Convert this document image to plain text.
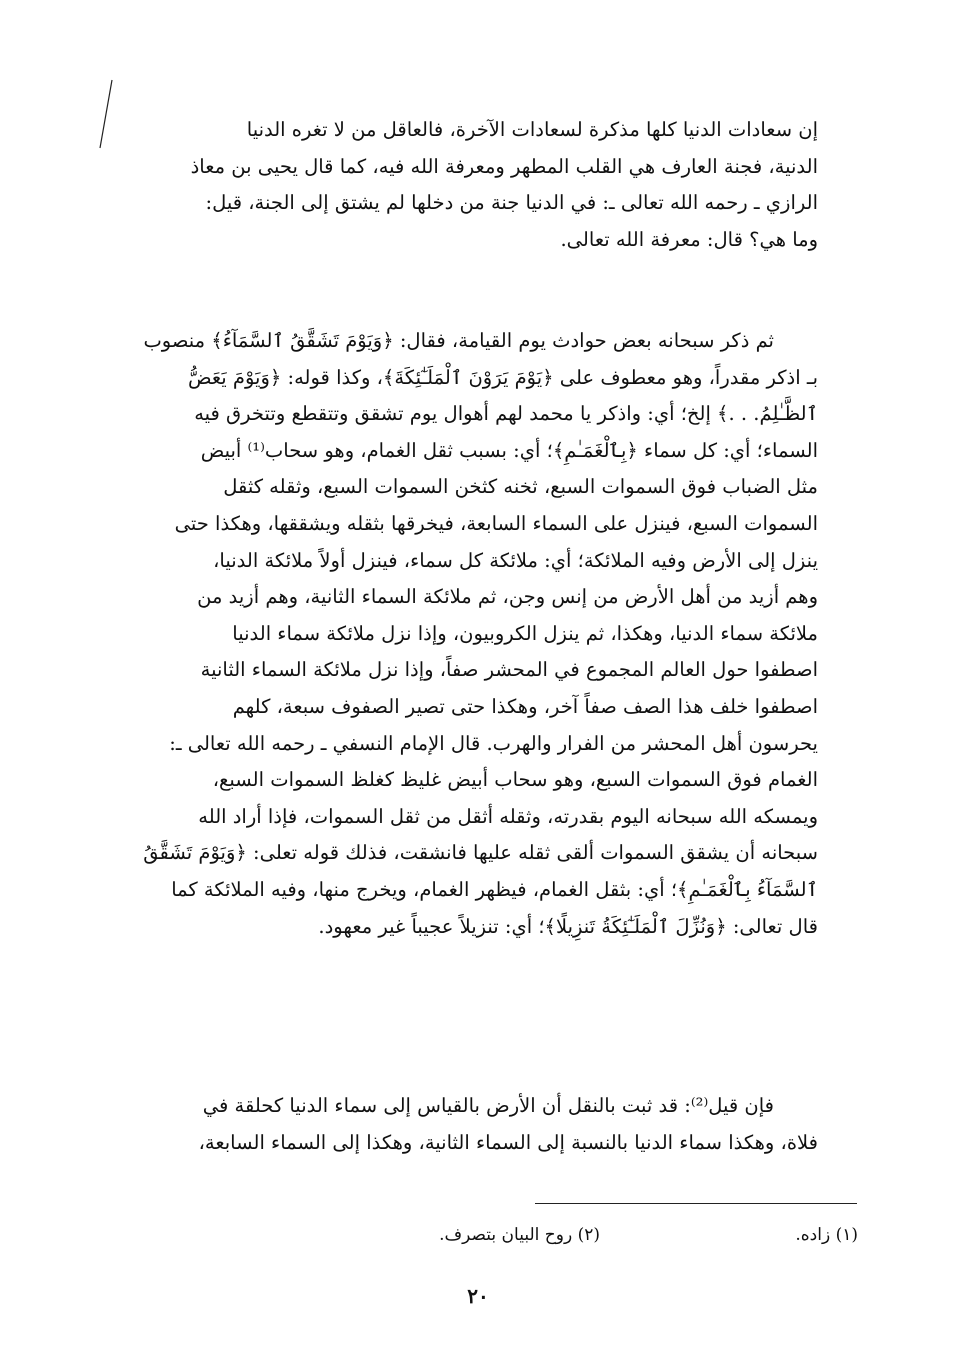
إن سعادات الدنيا كلها مذكرة لسعادات الآخرة، فالعاقل من لا تغره الدنيا
الدنية، فجنة العارف هي القلب المطهر ومعرفة الله فيه، كما قال يحيى بن معاذ
الرازي ـ رحمه الله تعالى ـ: في الدنيا جنة من دخلها لم يشتق إلى الجنة، قيل:
وما هي؟ قال: معرفة الله تعالى.
ثم ذكر سبحانه بعض حوادث يوم القيامة، فقال: ﴿وَيَوْمَ تَشَقَّقُ ٱلسَّمَآءُ﴾ منصوب
بـ اذكر مقدراً، وهو معطوف على ﴿يَوْمَ يَرَوْنَ ٱلْمَلَـٰٓئِكَةَ﴾، وكذا قوله: ﴿وَيَوْمَ يَعَضُّ
ٱلظَّـٰلِمُ. . .﴾ إلخ؛ أي: واذكر يا محمد لهم أهوال يوم تشقق وتتقطع وتتخرق فيه
السماء؛ أي: كل سماء ﴿بِٱلْغَمَـٰمِ﴾؛ أي: بسبب ثقل الغمام، وهو سحاب⁽¹⁾ أبيض
مثل الضباب فوق السموات السبع، ثخنه كثخن السموات السبع، وثقله كثقل
السموات السبع، فينزل على السماء السابعة، فيخرقها بثقله ويشققها، وهكذا حتى
ينزل إلى الأرض وفيه الملائكة؛ أي: ملائكة كل سماء، فينزل أولاً ملائكة الدنيا،
وهم أزيد من أهل الأرض من إنس وجن، ثم ملائكة السماء الثانية، وهم أزيد من
ملائكة سماء الدنيا، وهكذا، ثم ينزل الكروبيون، وإذا نزل ملائكة سماء الدنيا
اصطفوا حول العالم المجموع في المحشر صفاً، وإذا نزل ملائكة السماء الثانية
اصطفوا خلف هذا الصف صفاً آخر، وهكذا حتى تصير الصفوف سبعة، كلهم
يحرسون أهل المحشر من الفرار والهرب. قال الإمام النسفي ـ رحمه الله تعالى ـ:
الغمام فوق السموات السبع، وهو سحاب أبيض غليظ كغلظ السموات السبع،
ويمسكه الله سبحانه اليوم بقدرته، وثقله أثقل من ثقل السموات، فإذا أراد الله
سبحانه أن يشقق السموات ألقى ثقله عليها فانشقت، فذلك قوله تعلى: ﴿وَيَوْمَ تَشَقَّقُ
ٱلسَّمَآءُ بِٱلْغَمَـٰمِ﴾؛ أي: بثقل الغمام، فيظهر الغمام، ويخرج منها، وفيه الملائكة كما
قال تعالى: ﴿وَنُزِّلَ ٱلْمَلَـٰٓئِكَةُ تَنزِيلًا﴾؛ أي: تنزيلاً عجيباً غير معهود.
فإن قيل⁽²⁾: قد ثبت بالنقل أن الأرض بالقياس إلى سماء الدنيا كحلقة في
فلاة، وهكذا سماء الدنيا بالنسبة إلى السماء الثانية، وهكذا إلى السماء السابعة،
(١) زاده.
(٢) روح البيان بتصرف.
٢٠
